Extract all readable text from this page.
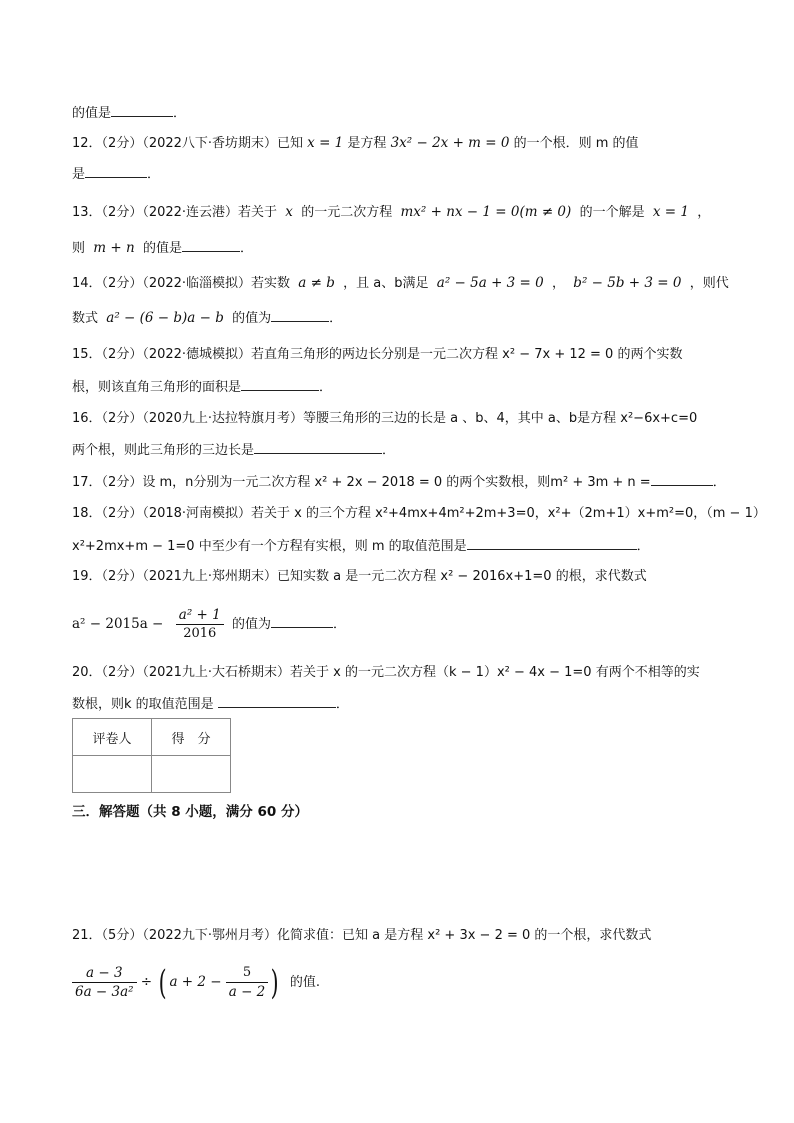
的值是	．
12．（2分）（2022八下·香坊期末）已知 x = 1 是方程 3x² − 2x + m = 0 的一个根．则 m 的值
是	．
13．（2分）（2022·连云港）若关于 x 的一元二次方程 mx² + nx − 1 = 0(m ≠ 0) 的一个解是 x = 1 ，
则 m + n 的值是	．
14．（2分）（2022·临淄模拟）若实数 a ≠ b ，且 a、b满足 a² − 5a + 3 = 0 ， b² − 5b + 3 = 0 ，则代
数式 a² − (6 − b)a − b 的值为	．
15．（2分）（2022·德城模拟）若直角三角形的两边长分别是一元二次方程 x² − 7x + 12 = 0 的两个实数
根，则该直角三角形的面积是	．
16．（2分）（2020九上·达拉特旗月考）等腰三角形的三边的长是 a 、b、4，其中 a、b是方程 x²−6x+c=0
两个根，则此三角形的三边长是	．
17．（2分）设 m，n分别为一元二次方程 x² + 2x − 2018 = 0 的两个实数根，则m² + 3m + n =	．
18．（2分）（2018·河南模拟）若关于 x 的三个方程 x²+4mx+4m²+2m+3=0，x²+（2m+1）x+m²=0，（m − 1）
x²+2mx+m − 1=0 中至少有一个方程有实根，则 m 的取值范围是	．
19．（2分）（2021九上·郑州期末）已知实数 a 是一元二次方程 x² − 2016x+1=0 的根，求代数式
$a^2 - 2015a - \frac{\text{a² + 1}}{2016}$ 的值为	．
20．（2分）（2021九上·大石桥期末）若关于 x 的一元二次方程（k − 1）x² − 4x − 1=0 有两个不相等的实
数根，则k 的取值范围是	．
评卷人	得　分

三．解答题（共 8 小题，满分 60 分）
21．（5分）（2022九下·鄂州月考）化简求值：已知 a 是方程 x² + 3x − 2 = 0 的一个根，求代数式
$\frac{a - 3}{\text{6a − 3a²}}$ ÷ ( $a + 2 - \frac{5}{a - 2}$ ) 的值.
